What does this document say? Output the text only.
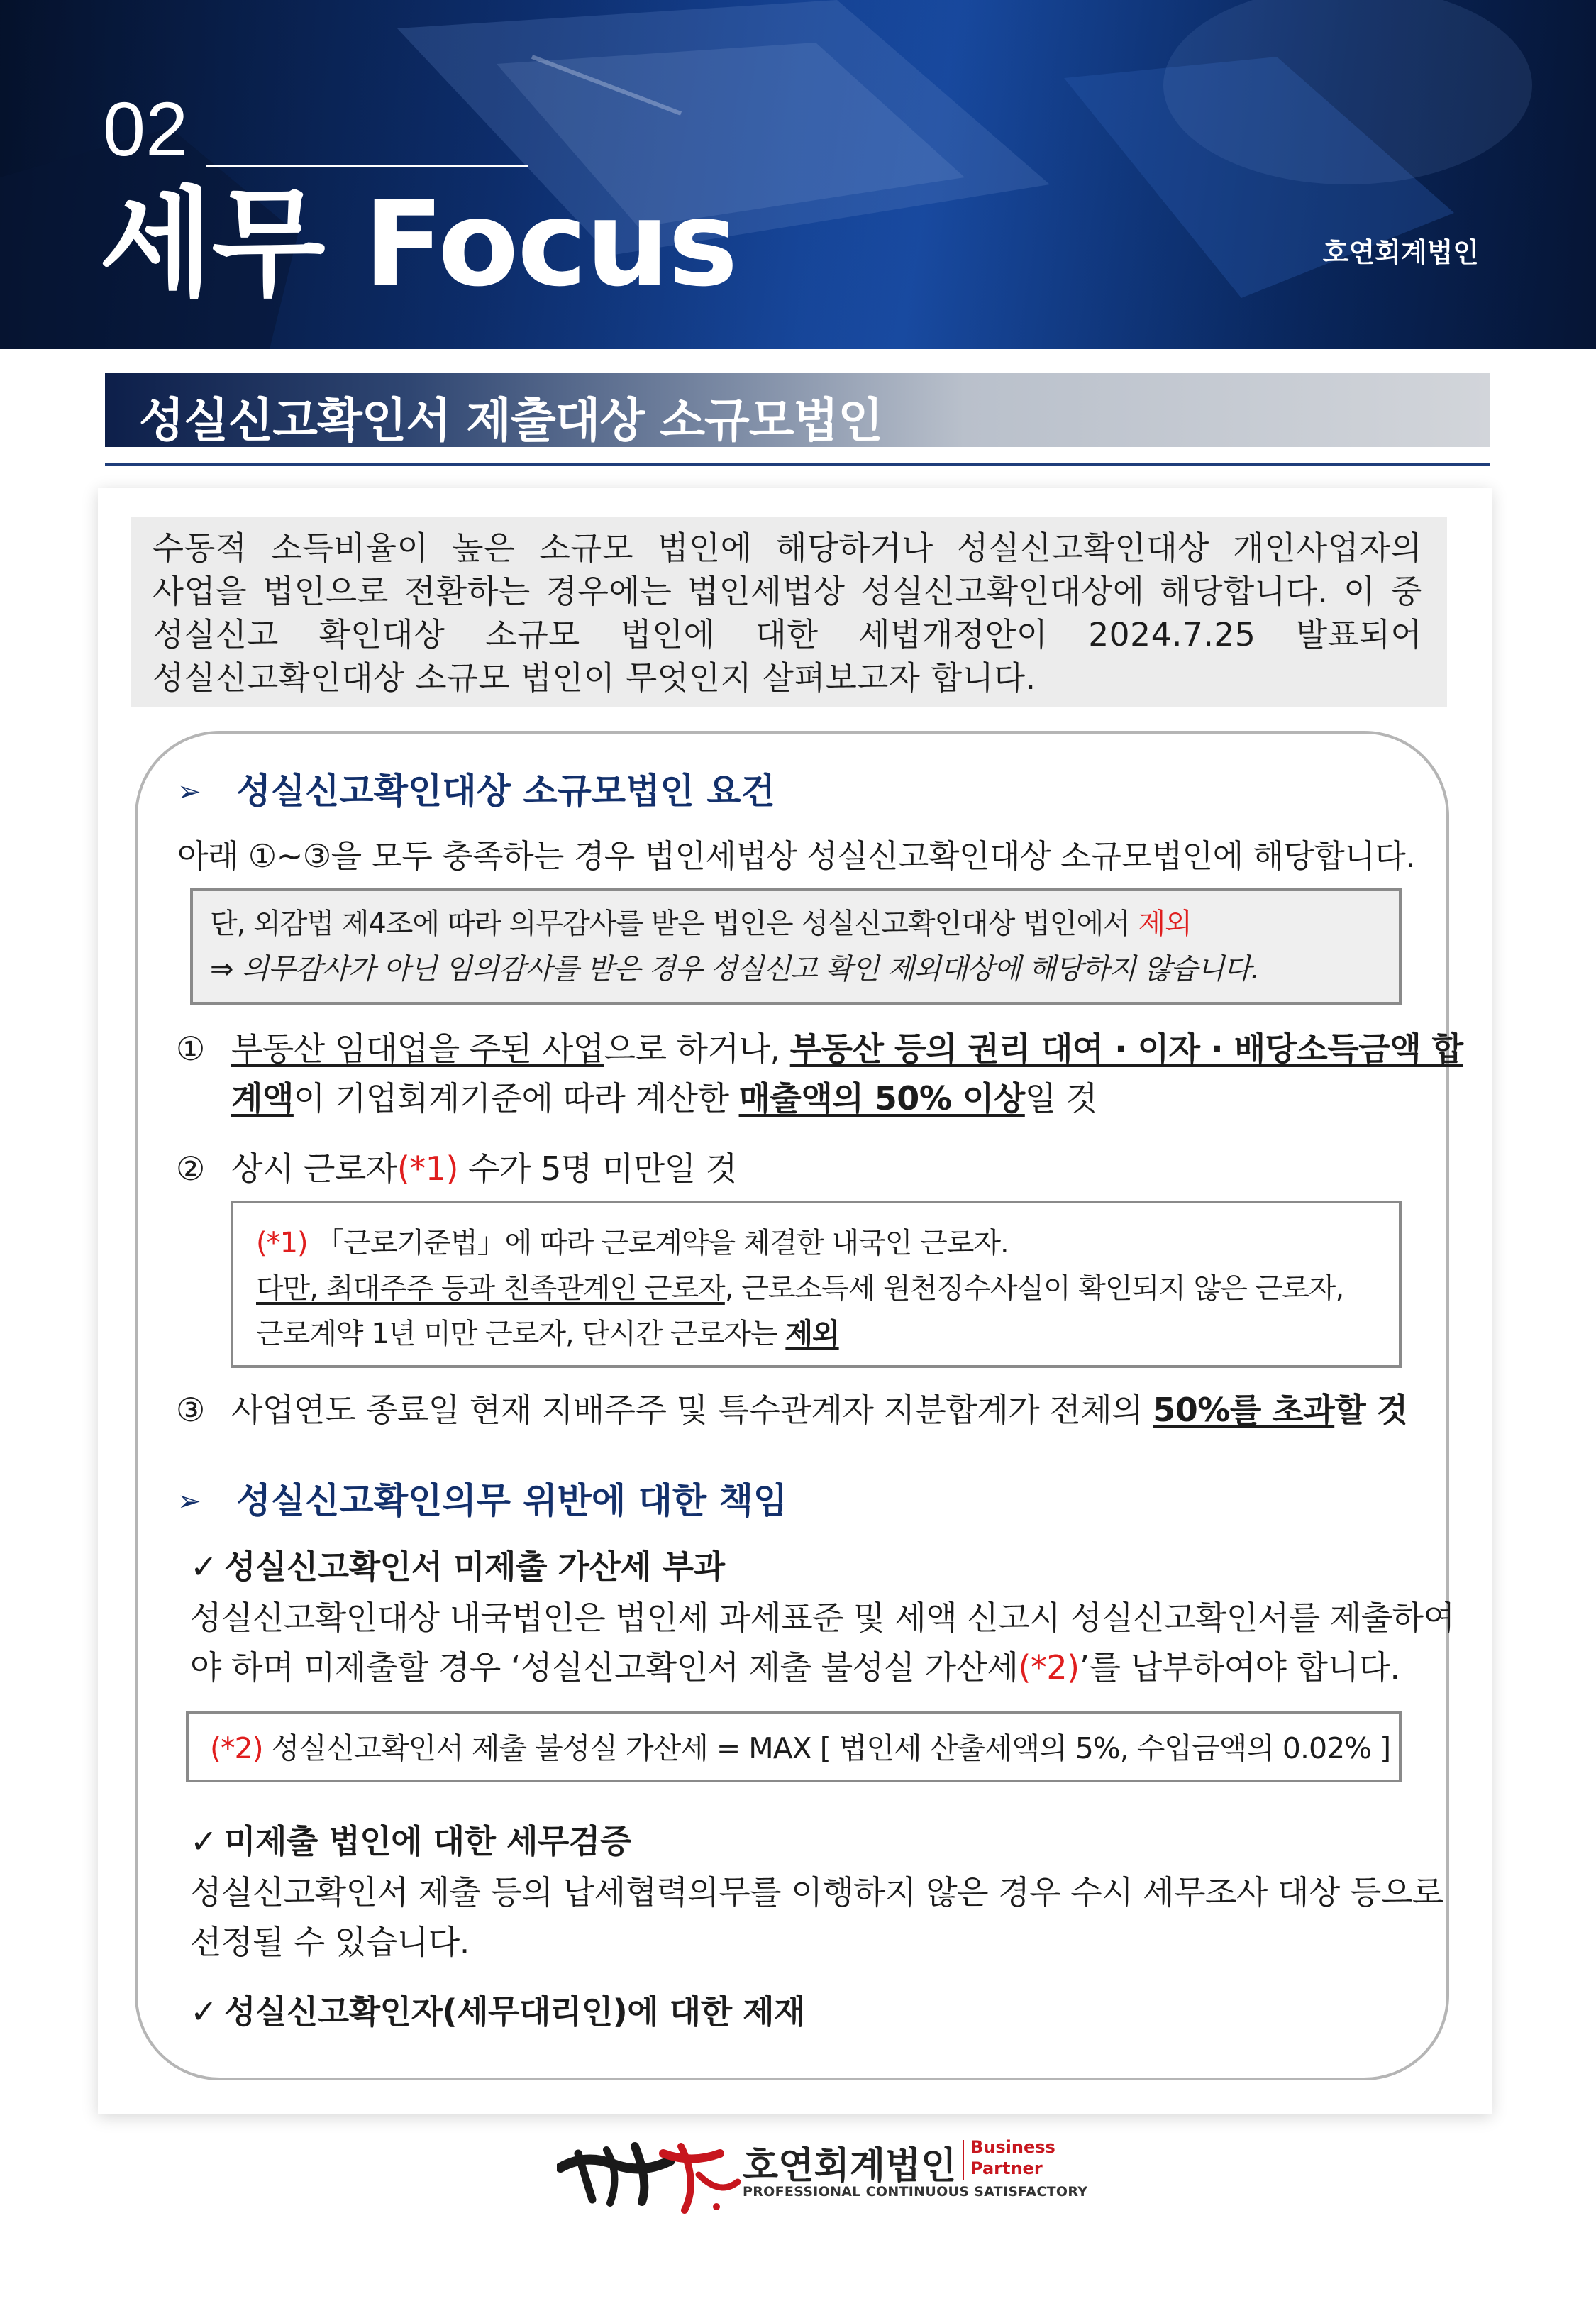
02
세무 Focus	호연회계법인
성실신고확인서 제출대상 소규모법인
수동적 소득비율이 높은 소규모 법인에 해당하거나 성실신고확인대상 개인사업자의
사업을 법인으로 전환하는 경우에는 법인세법상 성실신고확인대상에 해당합니다. 이 중
성실신고 확인대상 소규모 법인에 대한 세법개정안이 2024.7.25 발표되어
성실신고확인대상 소규모 법인이 무엇인지 살펴보고자 합니다.
➢ 성실신고확인대상 소규모법인 요건
아래 ①~③을 모두 충족하는 경우 법인세법상 성실신고확인대상 소규모법인에 해당합니다.
단, 외감법 제4조에 따라 의무감사를 받은 법인은 성실신고확인대상 법인에서 제외
⇒ 의무감사가 아닌 임의감사를 받은 경우 성실신고 확인 제외대상에 해당하지 않습니다.
① 부동산 임대업을 주된 사업으로 하거나, 부동산 등의 권리 대여 · 이자 · 배당소득금액 합
계액이 기업회계기준에 따라 계산한 매출액의 50% 이상일 것
② 상시 근로자(*1) 수가 5명 미만일 것
(*1) 「근로기준법」에 따라 근로계약을 체결한 내국인 근로자.
다만, 최대주주 등과 친족관계인 근로자, 근로소득세 원천징수사실이 확인되지 않은 근로자,
근로계약 1년 미만 근로자, 단시간 근로자는 제외
③ 사업연도 종료일 현재 지배주주 및 특수관계자 지분합계가 전체의 50%를 초과할 것
➢ 성실신고확인의무 위반에 대한 책임
✓ 성실신고확인서 미제출 가산세 부과
성실신고확인대상 내국법인은 법인세 과세표준 및 세액 신고시 성실신고확인서를 제출하여
야 하며 미제출할 경우 ‘성실신고확인서 제출 불성실 가산세(*2)’를 납부하여야 합니다.
(*2) 성실신고확인서 제출 불성실 가산세 = MAX [ 법인세 산출세액의 5%, 수입금액의 0.02% ]
✓ 미제출 법인에 대한 세무검증
성실신고확인서 제출 등의 납세협력의무를 이행하지 않은 경우 수시 세무조사 대상 등으로
선정될 수 있습니다.
✓ 성실신고확인자(세무대리인)에 대한 제재
호연회계법인 Business
Partner
PROFESSIONAL CONTINUOUS SATISFACTORY
